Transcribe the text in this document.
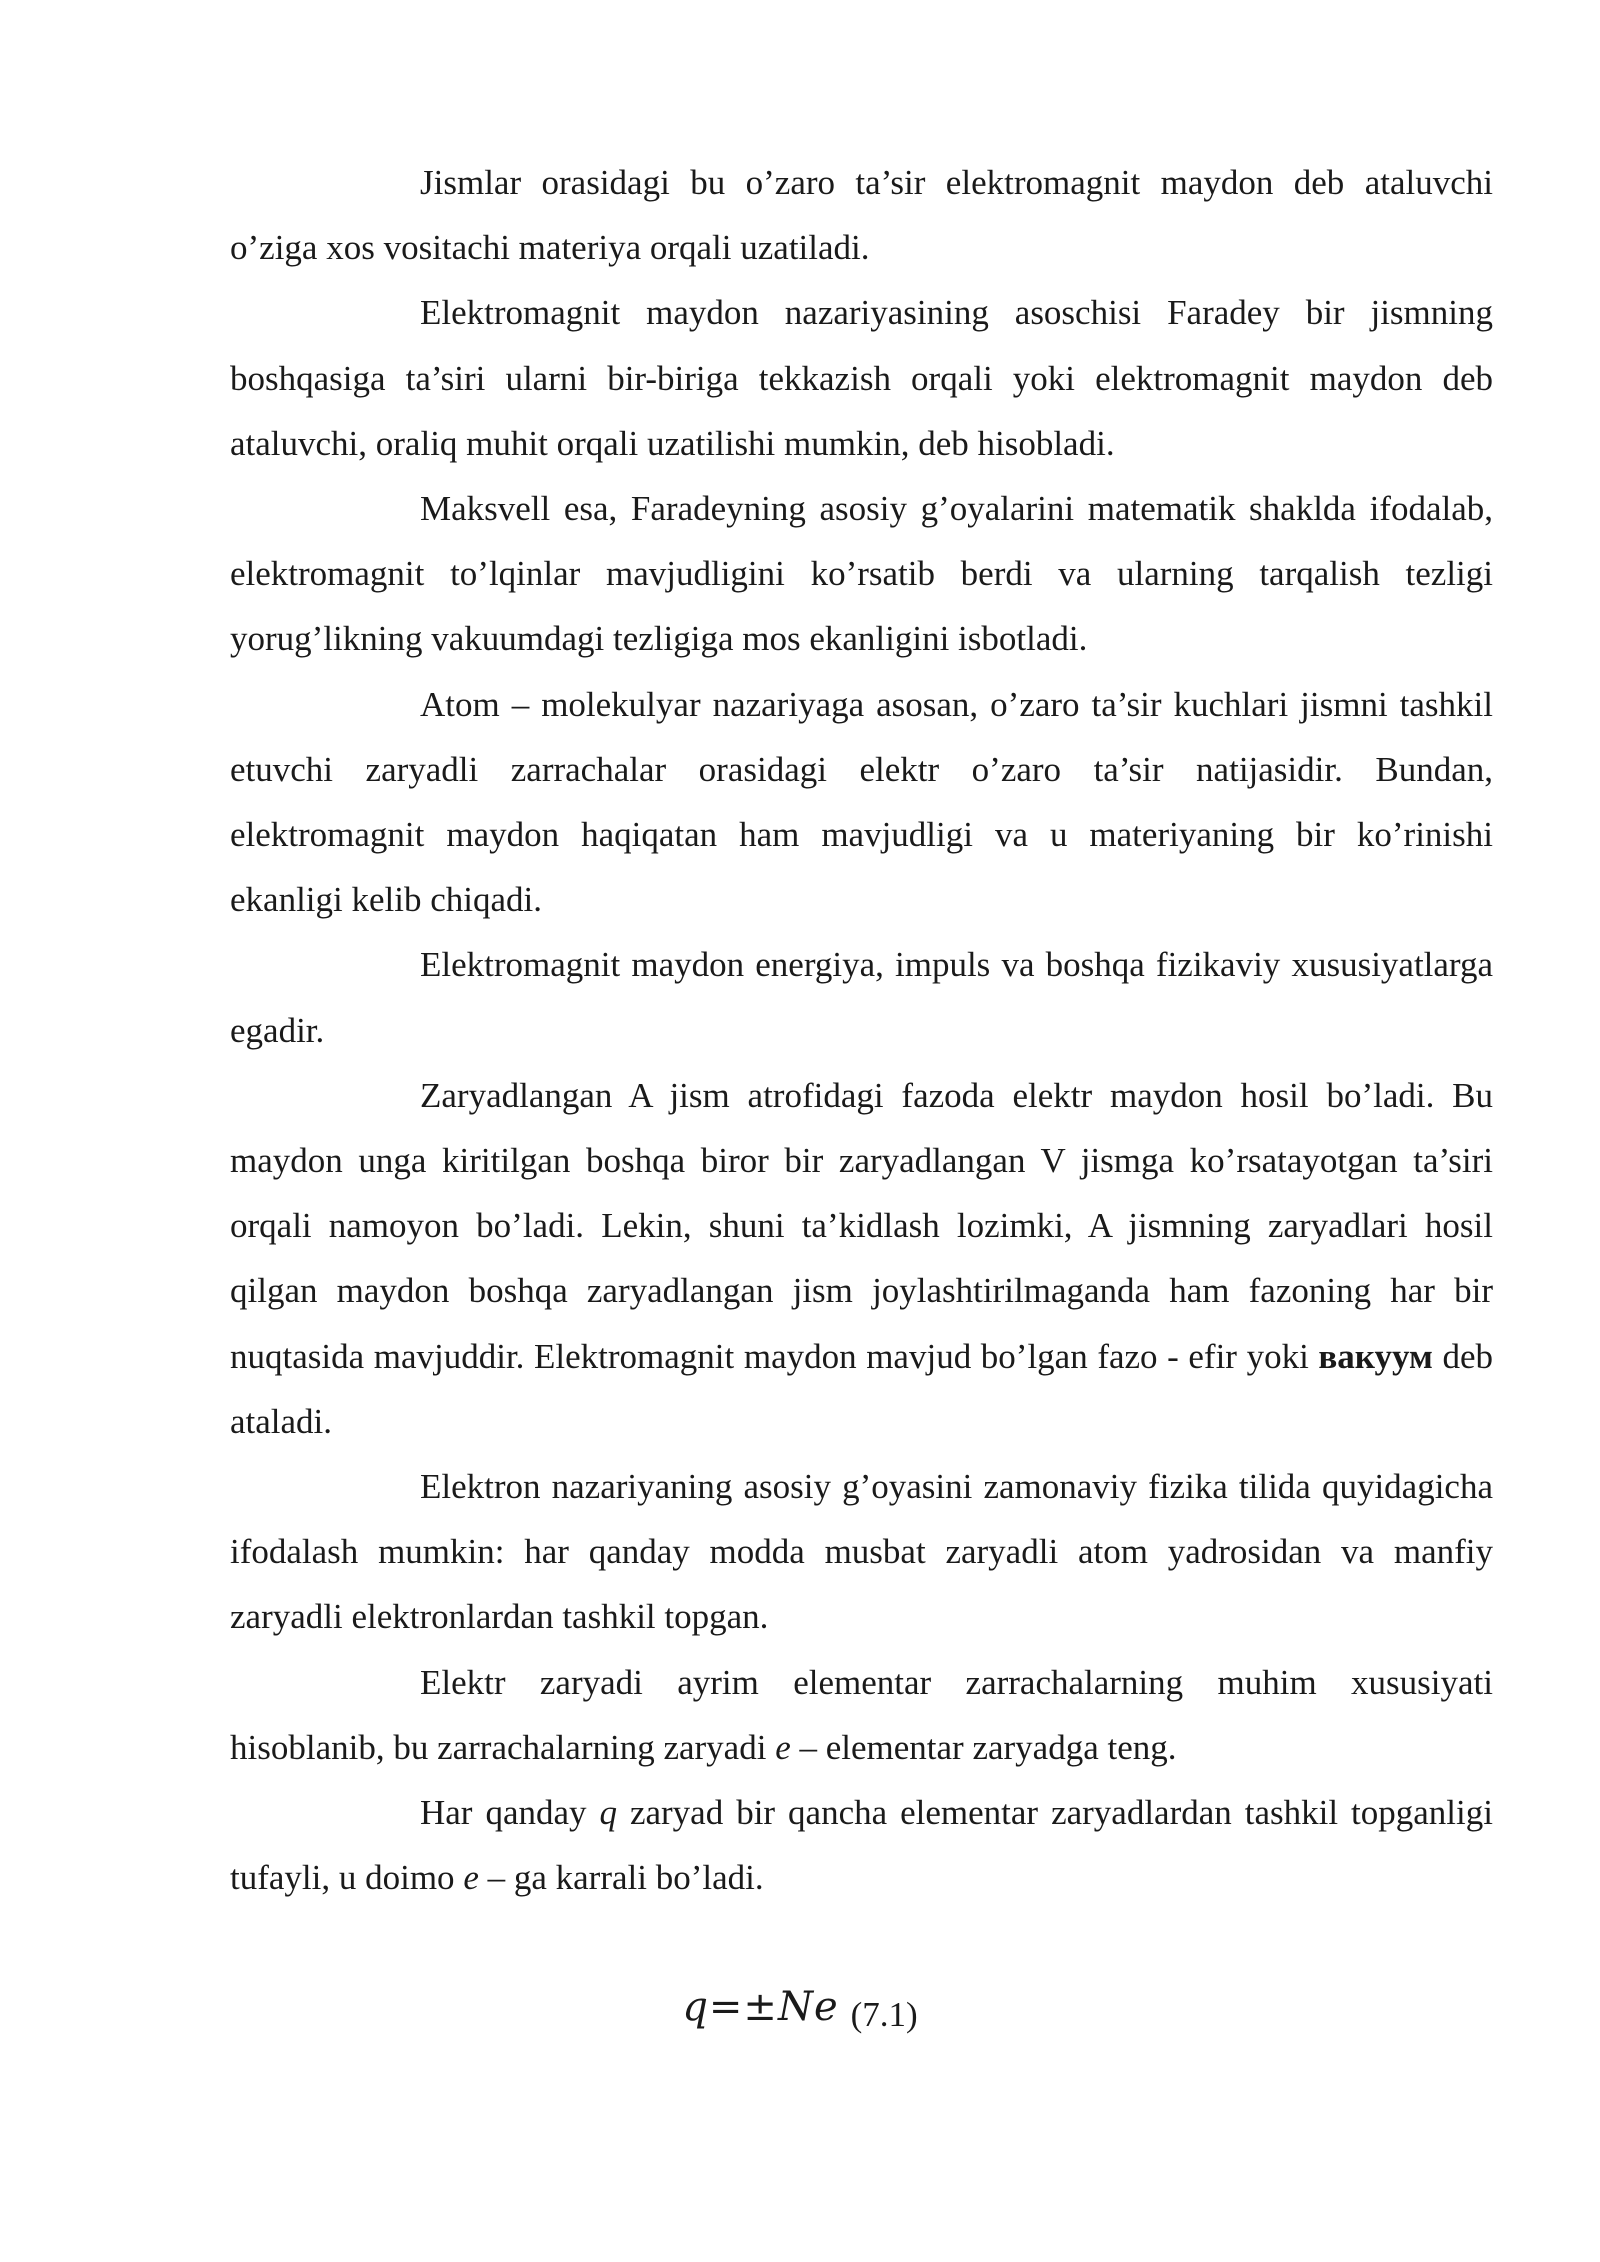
Jismlar orasidagi bu o’zaro ta’sir elektromagnit maydon deb ataluvchi o’ziga xos vositachi materiya orqali uzatiladi.

Elektromagnit maydon nazariyasining asoschisi Faradey bir jismning boshqasiga ta’siri ularni bir-biriga tekkazish orqali yoki elektromagnit maydon deb ataluvchi, oraliq muhit orqali uzatilishi mumkin, deb hisobladi.

Maksvell esa, Faradeyning asosiy g’oyalarini matematik shaklda ifodalab, elektromagnit to’lqinlar mavjudligini ko’rsatib berdi va ularning tarqalish tezligi yorug’likning vakuumdagi tezligiga mos ekanligini isbotladi.

Atom – molekulyar nazariyaga asosan, o’zaro ta’sir kuchlari jismni tashkil etuvchi zaryadli zarrachalar orasidagi elektr o’zaro ta’sir natijasidir. Bundan, elektromagnit maydon haqiqatan ham mavjudligi va u materiyaning bir ko’rinishi ekanligi kelib chiqadi.

Elektromagnit maydon energiya, impuls va boshqa fizikaviy xususiyatlarga egadir.

Zaryadlangan A jism atrofidagi fazoda elektr maydon hosil bo’ladi. Bu maydon unga kiritilgan boshqa biror bir zaryadlangan V jismga ko’rsatayotgan ta’siri orqali namoyon bo’ladi. Lekin, shuni ta’kidlash lozimki, A jismning zaryadlari hosil qilgan maydon boshqa zaryadlangan jism joylashtirilmaganda ham fazoning har bir nuqtasida mavjuddir. Elektromagnit maydon mavjud bo’lgan fazo - efir yoki вакуум deb ataladi.

Elektron nazariyaning asosiy g’oyasini zamonaviy fizika tilida quyidagicha ifodalash mumkin: har qanday modda musbat zaryadli atom yadrosidan va manfiy zaryadli elektronlardan tashkil topgan.

Elektr zaryadi ayrim elementar zarrachalarning muhim xususiyati hisoblanib, bu zarrachalarning zaryadi e – elementar zaryadga teng.

Har qanday q zaryad bir qancha elementar zaryadlardan tashkil topganligi tufayli, u doimo e – ga karrali bo’ladi.

q=±Ne (7.1)
